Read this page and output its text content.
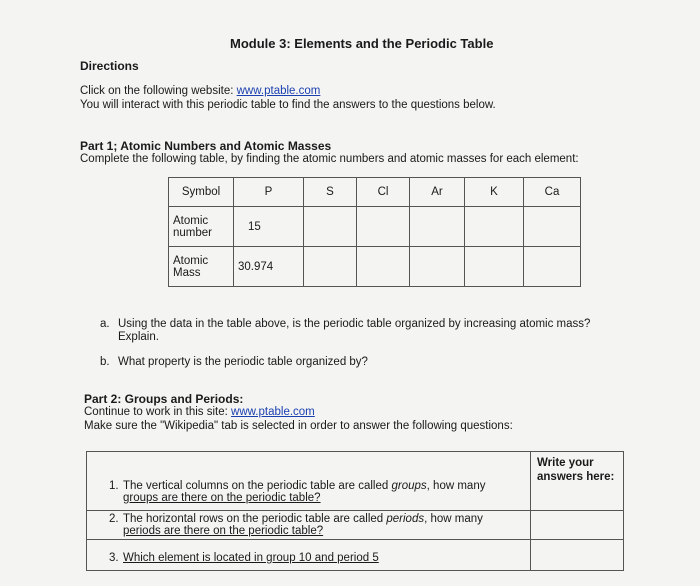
Module 3: Elements and the Periodic Table
Directions
Click on the following website: www.ptable.com
You will interact with this periodic table to find the answers to the questions below.
Part 1; Atomic Numbers and Atomic Masses
Complete the following table, by finding the atomic numbers and atomic masses for each element:
Symbol	P	S	Cl	Ar	K	Ca
Atomic
number	15					
Atomic
Mass	30.974					
a. Using the data in the table above, is the periodic table organized by increasing atomic mass?
Explain.
b. What property is the periodic table organized by?
Part 2: Groups and Periods:
Continue to work in this site: www.ptable.com
Make sure the "Wikipedia" tab is selected in order to answer the following questions:
1. The vertical columns on the periodic table are called groups, how many
groups are there on the periodic table?	Write your
answers here:

2. The horizontal rows on the periodic table are called periods, how many
periods are there on the periodic table?	

3. Which element is located in group 10 and period 5	
